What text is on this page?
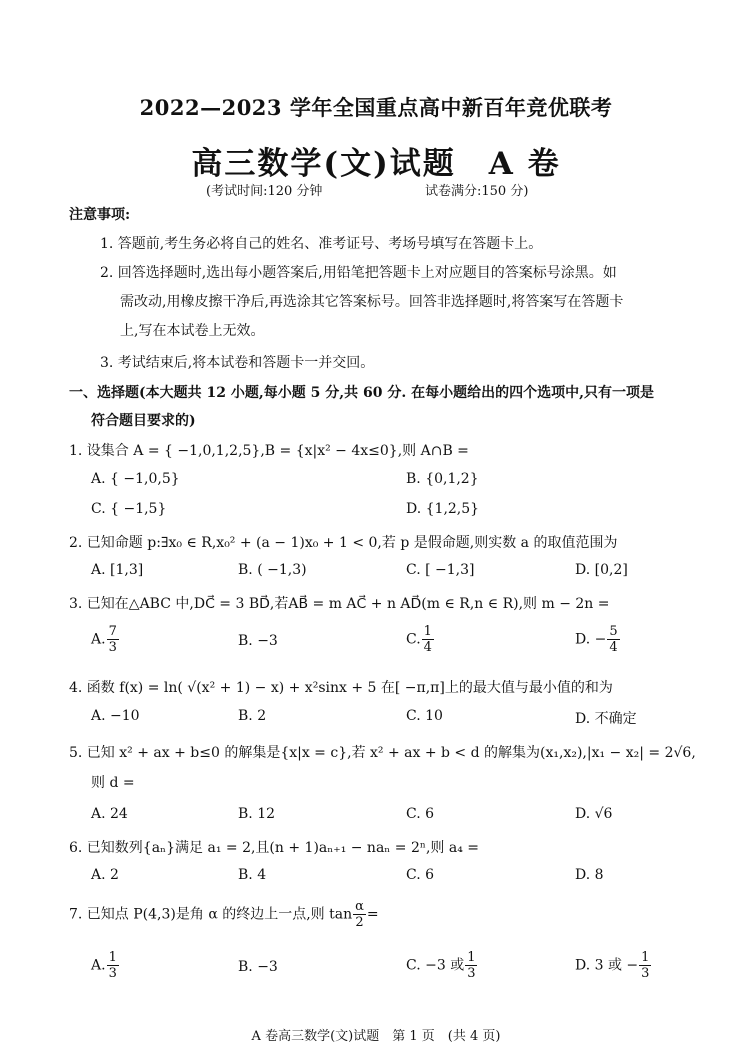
2022—2023 学年全国重点高中新百年竞优联考
高三数学(文)试题　A 卷
(考试时间:120 分钟	试卷满分:150 分)
注意事项:
1. 答题前,考生务必将自己的姓名、准考证号、考场号填写在答题卡上。
2. 回答选择题时,选出每小题答案后,用铅笔把答题卡上对应题目的答案标号涂黑。如
需改动,用橡皮擦干净后,再选涂其它答案标号。回答非选择题时,将答案写在答题卡
上,写在本试卷上无效。
3. 考试结束后,将本试卷和答题卡一并交回。
一、选择题(本大题共 12 小题,每小题 5 分,共 60 分. 在每小题给出的四个选项中,只有一项是
符合题目要求的)
1. 设集合 A = { −1,0,1,2,5},B = {x|x² − 4x≤0},则 A∩B =
A. { −1,0,5}	B. {0,1,2}
C. { −1,5}	D. {1,2,5}
2. 已知命题 p:∃x₀ ∈ R,x₀² + (a − 1)x₀ + 1 < 0,若 p 是假命题,则实数 a 的取值范围为
A. [1,3]	B. ( −1,3)	C. [ −1,3]	D. [0,2]
3. 已知在△ABC 中,DC⃗ = 3 BD⃗,若AB⃗ = m AC⃗ + n AD⃗(m ∈ R,n ∈ R),则 m − 2n =
A. $\frac{7}{3}$	B. −3	C. $\frac{1}{4}$	D. − $\frac{5}{4}$
4. 函数 f(x) = ln( √(x² + 1) − x) + x²sinx + 5 在[ −π,π]上的最大值与最小值的和为
A. −10	B. 2	C. 10	D. 不确定
5. 已知 x² + ax + b≤0 的解集是{x|x = c},若 x² + ax + b < d 的解集为(x₁,x₂),|x₁ − x₂| = 2√6,
则 d =
A. 24	B. 12	C. 6	D. √6
6. 已知数列{aₙ}满足 a₁ = 2,且(n + 1)aₙ₊₁ − naₙ = 2ⁿ,则 a₄ =
A. 2	B. 4	C. 6	D. 8
7. 已知点 P(4,3)是角 α 的终边上一点,则 $\tan \frac{\alpha}{2}$ =
A. $\frac{1}{3}$	B. −3	C. −3 或 $\frac{1}{3}$	D. 3 或 − $\frac{1}{3}$
A 卷高三数学(文)试题　第 1 页　(共 4 页)
